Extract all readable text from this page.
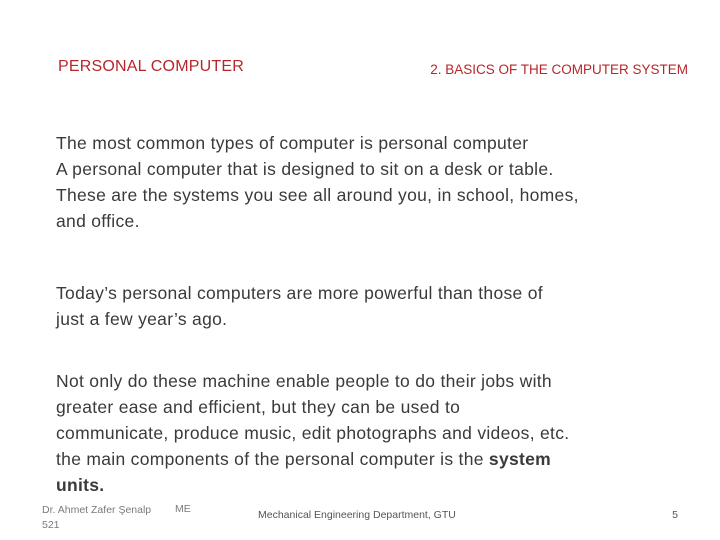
PERSONAL COMPUTER	2. BASICS OF THE COMPUTER SYSTEM
The most common types of computer is personal computer
A personal computer that is designed to sit on a desk or table.
These are the systems you see all around you, in school, homes,
and office.
Today’s personal computers are more powerful than those of
just a few year’s ago.
Not only do these machine enable people to do their jobs with
greater ease and efficient, but they can be used to
communicate, produce music, edit photographs and videos, etc.
the main components of the personal computer is the system
units.
Dr. Ahmet Zafer Şenalp
521
ME	Mechanical Engineering Department, GTU	5
